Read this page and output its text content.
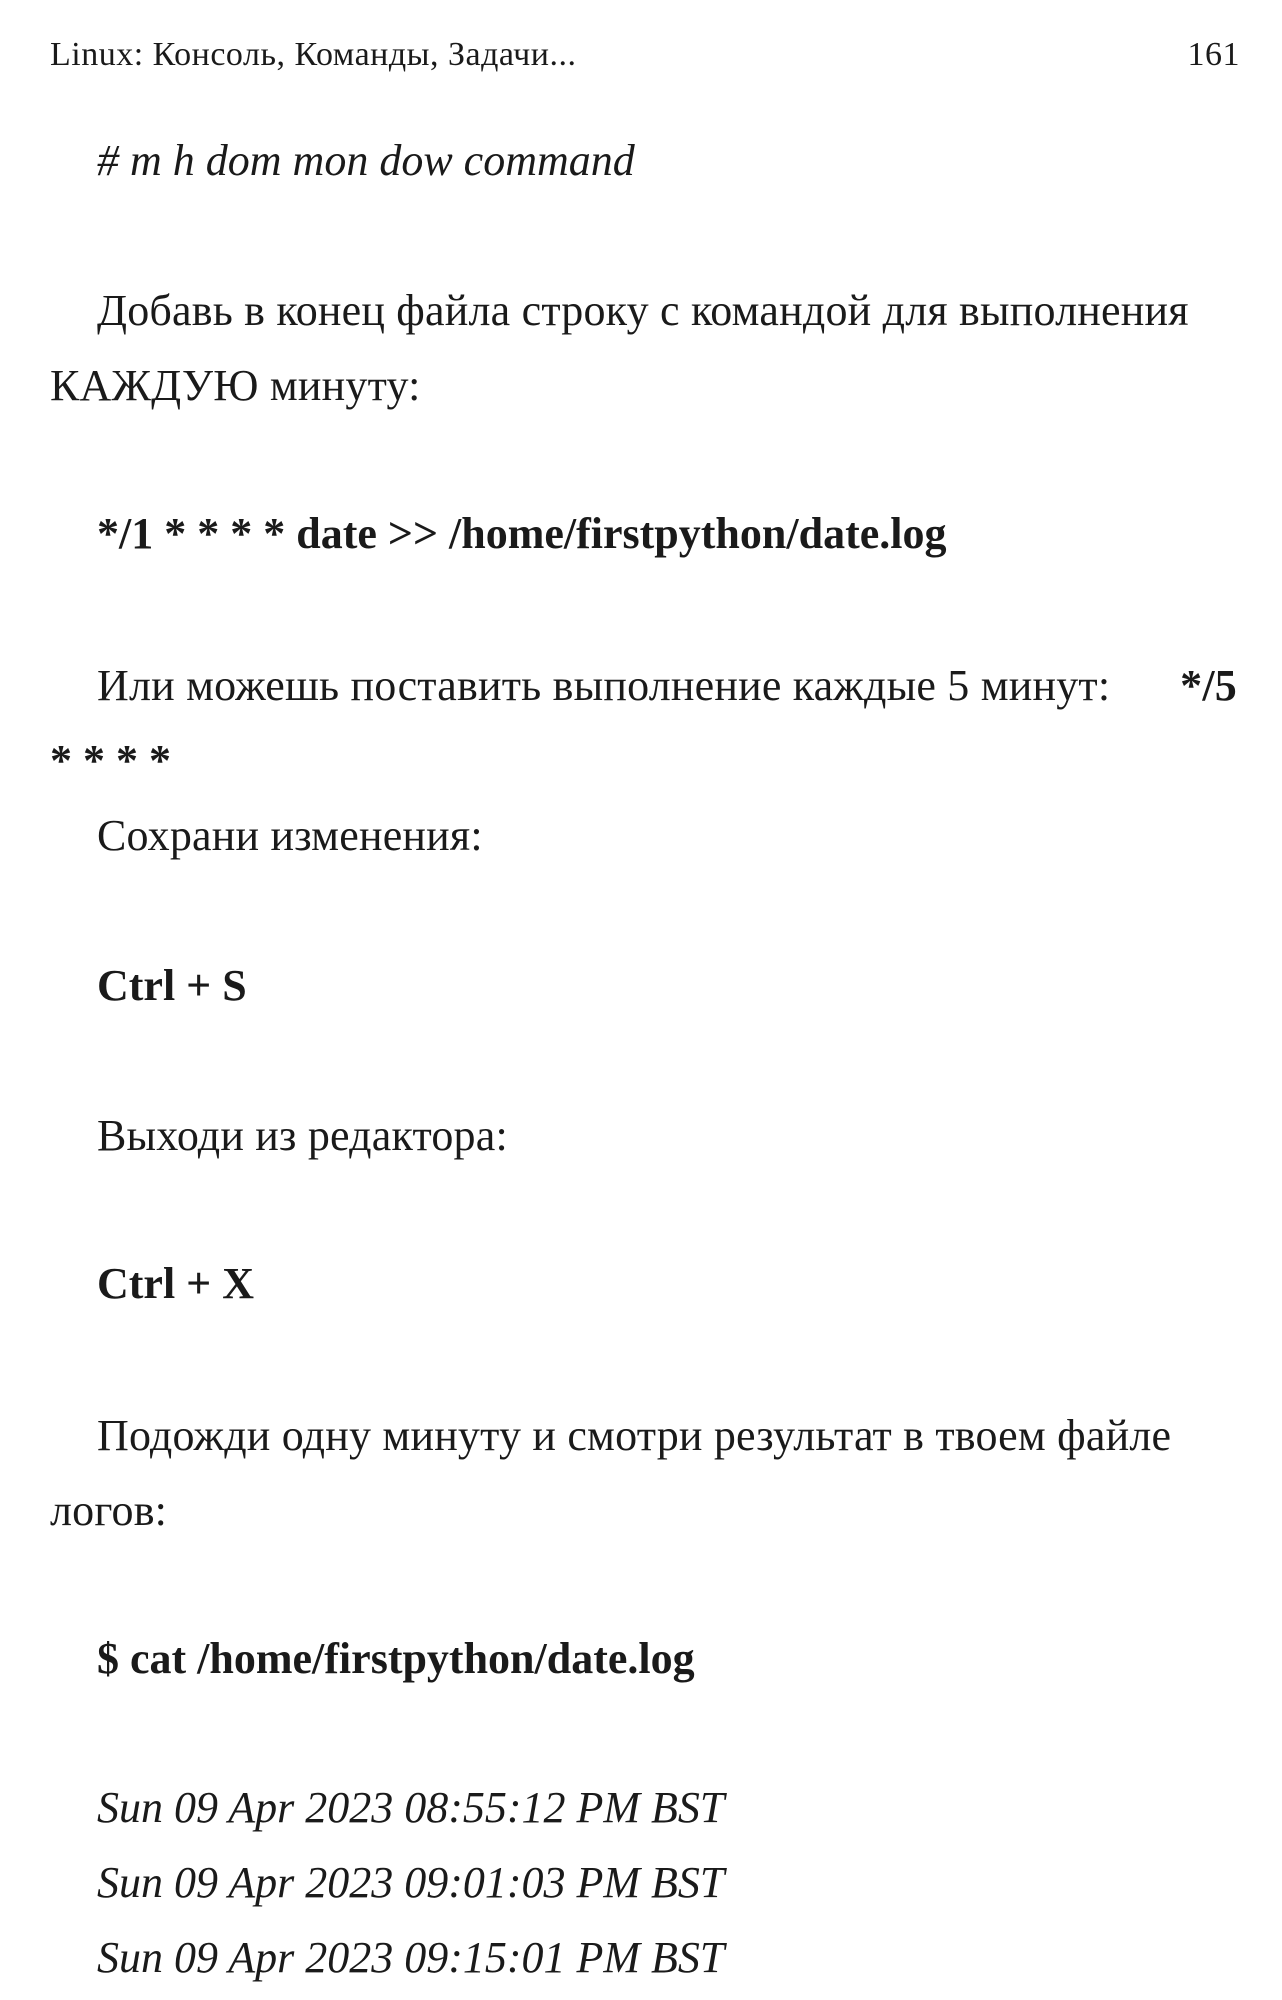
Linux: Консоль, Команды, Задачи...	161
# m h dom mon dow command
Добавь в конец файла строку с командой для выполнения
КАЖДУЮ минуту:
*/1 * * * * date >> /home/firstpython/date.log
Или можешь поставить выполнение каждые 5 минут: */5
* * * *
Сохрани изменения:
Ctrl + S
Выходи из редактора:
Ctrl + X
Подожди одну минуту и смотри результат в твоем файле
логов:
$ cat /home/firstpython/date.log
Sun 09 Apr 2023 08:55:12 PM BST
Sun 09 Apr 2023 09:01:03 PM BST
Sun 09 Apr 2023 09:15:01 PM BST
